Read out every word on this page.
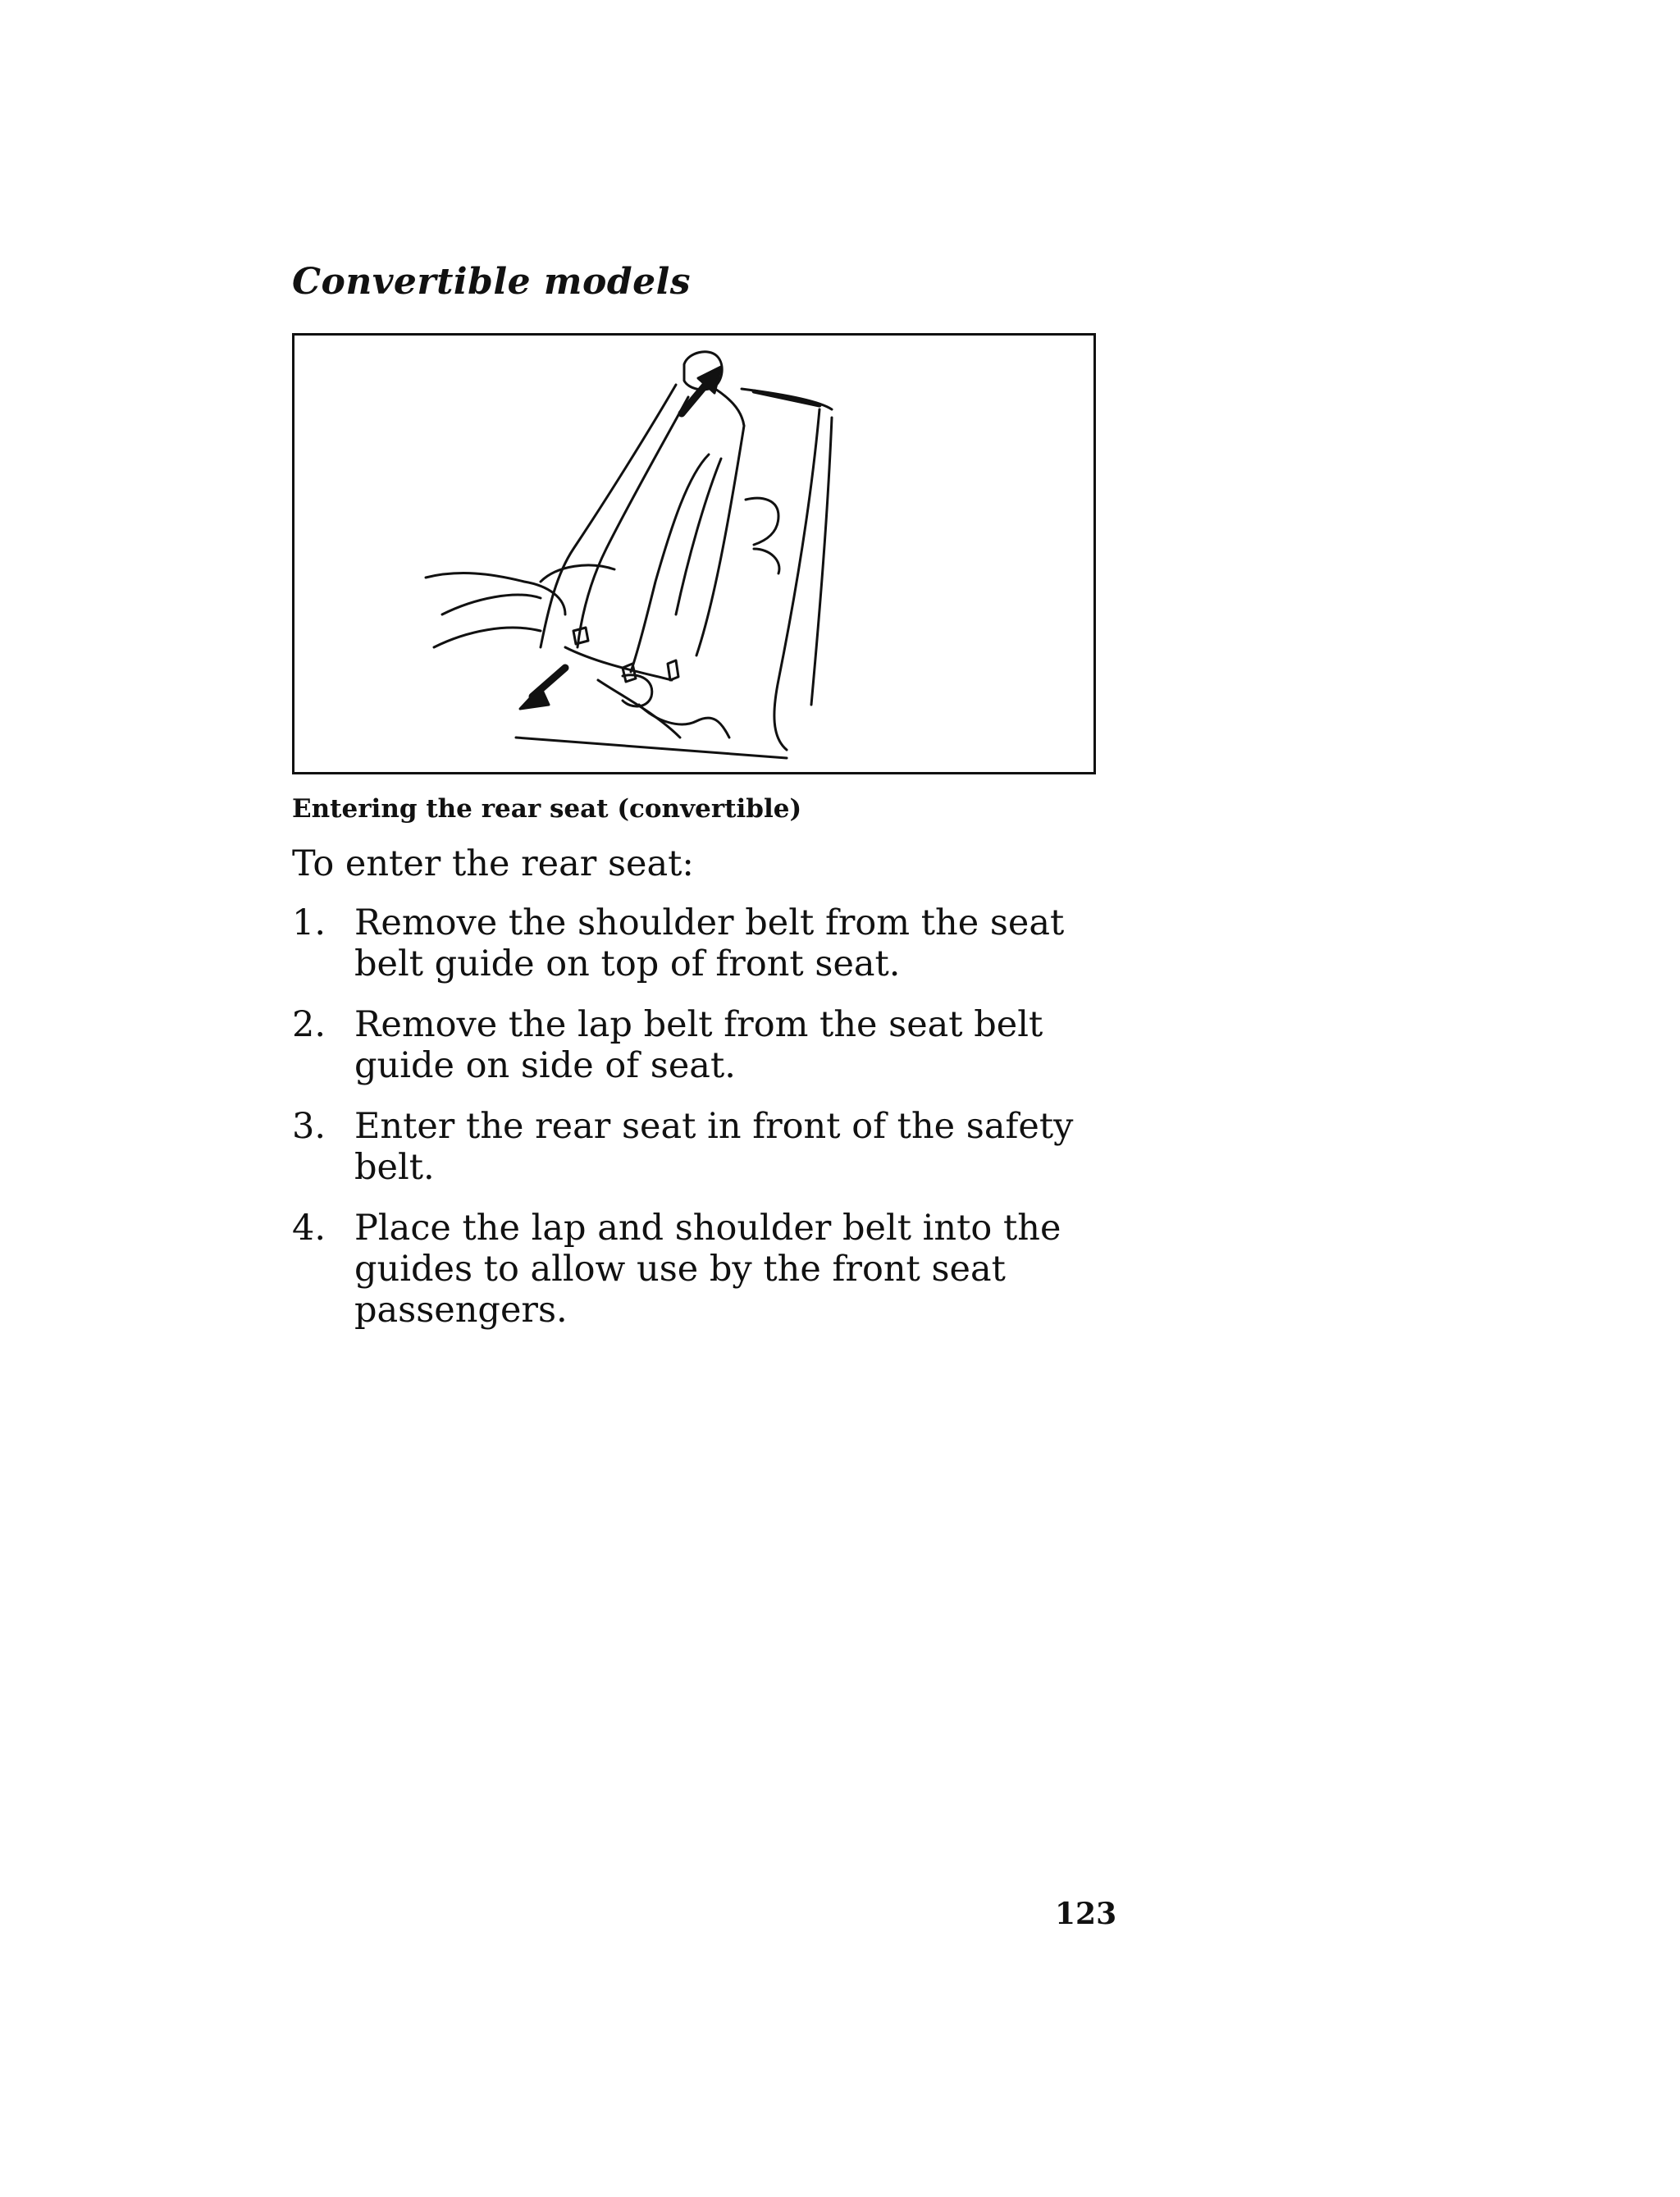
Convertible models
Entering the rear seat (convertible)
To enter the rear seat:
1. Remove the shoulder belt from the seat belt guide on top of front seat.
2. Remove the lap belt from the seat belt guide on side of seat.
3. Enter the rear seat in front of the safety belt.
4. Place the lap and shoulder belt into the guides to allow use by the front seat passengers.
123
